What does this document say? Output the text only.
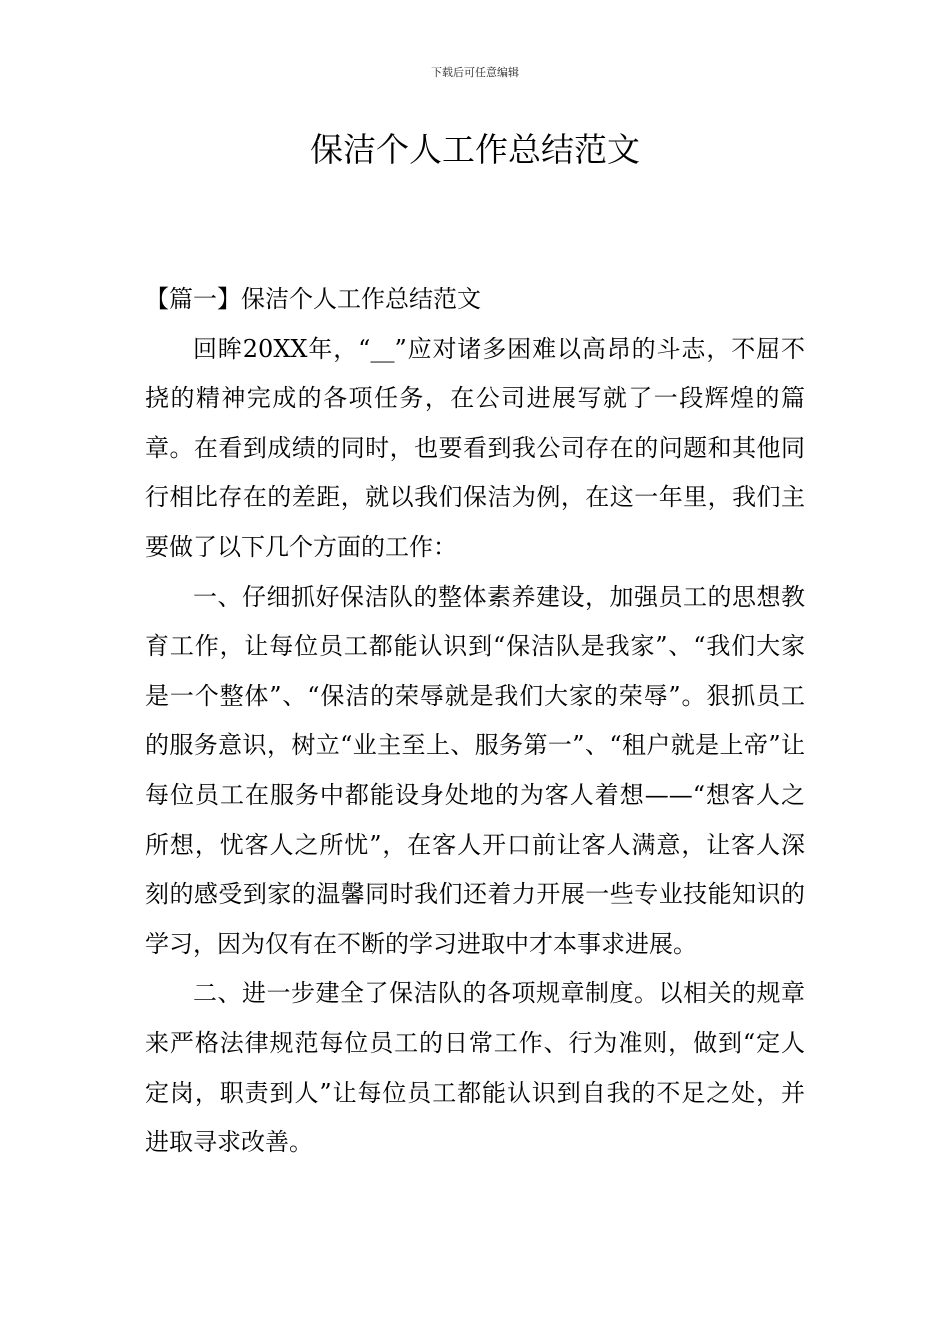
下载后可任意编辑
保洁个人工作总结范文

【篇一】保洁个人工作总结范文

回眸20XX年，“__”应对诸多困难以高昂的斗志，不屈不挠的精神完成的各项任务，在公司进展写就了一段辉煌的篇章。在看到成绩的同时，也要看到我公司存在的问题和其他同行相比存在的差距，就以我们保洁为例，在这一年里，我们主要做了以下几个方面的工作：

一、仔细抓好保洁队的整体素养建设，加强员工的思想教育工作，让每位员工都能认识到“保洁队是我家”、“我们大家是一个整体”、“保洁的荣辱就是我们大家的荣辱”。狠抓员工的服务意识，树立“业主至上、服务第一”、“租户就是上帝”让每位员工在服务中都能设身处地的为客人着想——“想客人之所想，忧客人之所忧”，在客人开口前让客人满意，让客人深刻的感受到家的温馨同时我们还着力开展一些专业技能知识的学习，因为仅有在不断的学习进取中才本事求进展。

二、进一步建全了保洁队的各项规章制度。以相关的规章来严格法律规范每位员工的日常工作、行为准则，做到“定人定岗，职责到人”让每位员工都能认识到自我的不足之处，并进取寻求改善。
